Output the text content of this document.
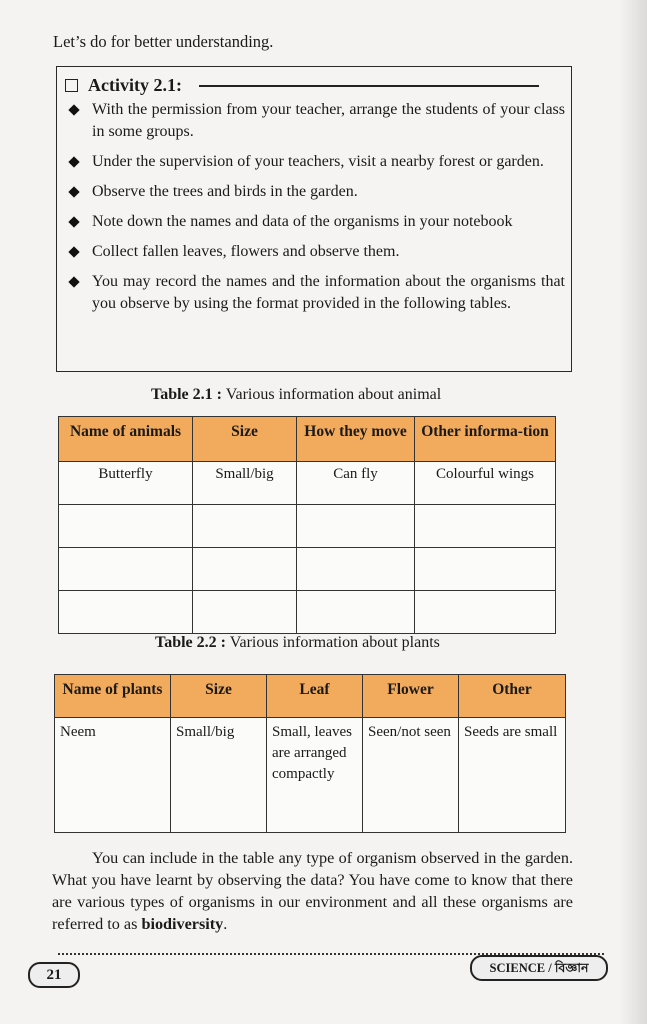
Let’s do for better understanding.
Activity 2.1:
With the permission from your teacher, arrange the students of your class in some groups.
Under the supervision of your teachers, visit a nearby forest or garden.
Observe the trees and birds in the garden.
Note down the names and data of the organisms in your notebook
Collect fallen leaves, flowers and observe them.
You may record the names and the information about the organisms that you observe by using the format provided in the following tables.
Table 2.1 : Various information about animal
Name of animals	Size	How they move	Other informa-tion
Butterfly	Small/big	Can fly	Colourful wings

Table 2.2 : Various information about plants
Name of plants	Size	Leaf	Flower	Other
Neem	Small/big	Small, leaves are arranged compactly	Seen/not seen	Seeds are small

You can include in the table any type of organism observed in the garden. What you have learnt by observing the data? You have come to know that there are various types of organisms in our environment and all these organisms are referred to as biodiversity.

21	SCIENCE / বিজ্ঞান
